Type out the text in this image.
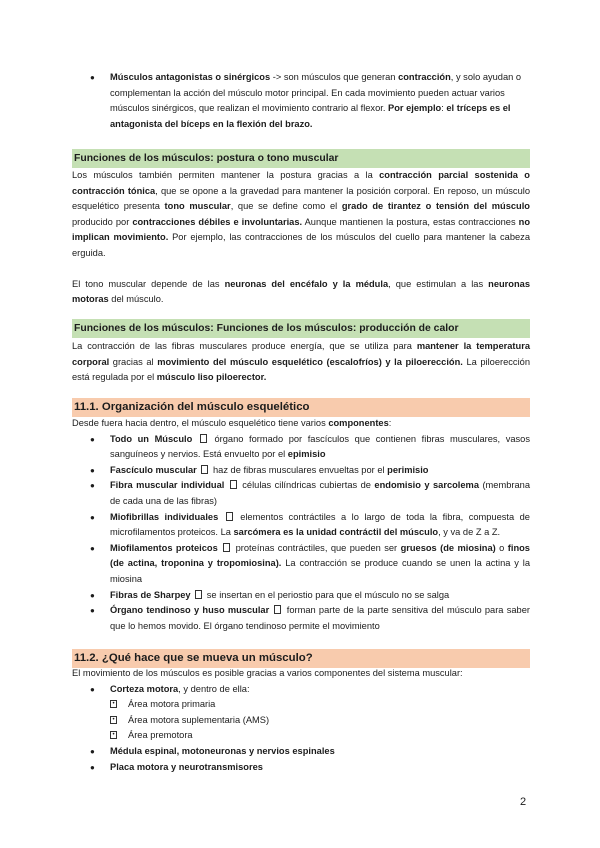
● Músculos antagonistas o sinérgicos -> son músculos que generan contracción, y solo ayudan o complementan la acción del músculo motor principal. En cada movimiento pueden actuar varios músculos sinérgicos, que realizan el movimiento contrario al flexor. Por ejemplo: el tríceps es el antagonista del bíceps en la flexión del brazo.
Funciones de los músculos: postura o tono muscular

Los músculos también permiten mantener la postura gracias a la contracción parcial sostenida o contracción tónica, que se opone a la gravedad para mantener la posición corporal. En reposo, un músculo esquelético presenta tono muscular, que se define como el grado de tirantez o tensión del músculo producido por contracciones débiles e involuntarias. Aunque mantienen la postura, estas contracciones no implican movimiento. Por ejemplo, las contracciones de los músculos del cuello para mantener la cabeza erguida.

El tono muscular depende de las neuronas del encéfalo y la médula, que estimulan a las neuronas motoras del músculo.

Funciones de los músculos: Funciones de los músculos: producción de calor

La contracción de las fibras musculares produce energía, que se utiliza para mantener la temperatura corporal gracias al movimiento del músculo esquelético (escalofríos) y la piloerección. La piloerección está regulada por el músculo liso piloerector.

11.1. Organización del músculo esquelético

Desde fuera hacia dentro, el músculo esquelético tiene varios componentes:

● Todo un Músculo  órgano formado por fascículos que contienen fibras musculares, vasos sanguíneos y nervios. Está envuelto por el epimisio
● Fascículo muscular  haz de fibras musculares envueltas por el perimisio
● Fibra muscular individual  células cilíndricas cubiertas de endomisio y sarcolema (membrana de cada una de las fibras)
● Miofibrillas individuales  elementos contráctiles a lo largo de toda la fibra, compuesta de microfilamentos proteicos. La sarcómera es la unidad contráctil del músculo, y va de Z a Z.
● Miofilamentos proteicos  proteínas contráctiles, que pueden ser gruesos (de miosina) o finos (de actina, troponina y tropomiosina). La contracción se produce cuando se unen la actina y la miosina
● Fibras de Sharpey  se insertan en el periostio para que el músculo no se salga
● Órgano tendinoso y huso muscular  forman parte de la parte sensitiva del músculo para saber que lo hemos movido. El órgano tendinoso permite el movimiento
11.2. ¿Qué hace que se mueva un músculo?

El movimiento de los músculos es posible gracias a varios componentes del sistema muscular:

● Corteza motora, y dentro de ella:
• Área motora primaria
• Área motora suplementaria (AMS)
• Área premotora
● Médula espinal, motoneuronas y nervios espinales
● Placa motora y neurotransmisores
2
